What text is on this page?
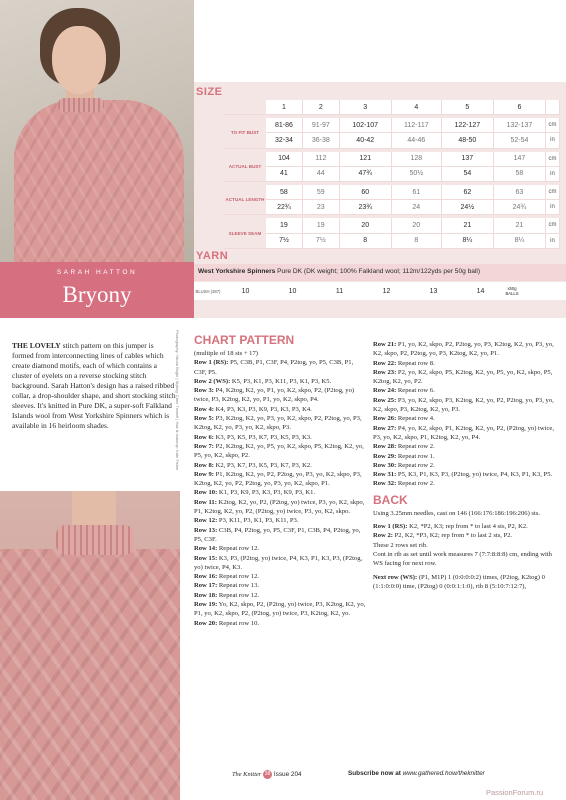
SARAH HATTON
Bryony
Photography: Nicola Bogie | Styling: Clare Trowell | Hair & makeup: Kate Fisher
SIZE
	1	2	3	4	5	6	

TO FIT BUST	81-86	91-97	102-107	112-117	122-127	132-137	cm
	32-34	36-38	40-42	44-46	48-50	52-54	in

ACTUAL BUST	104	112	121	128	137	147	cm
	41	44	47¾	50½	54	58	in

ACTUAL LENGTH	58	59	60	61	62	63	cm
	22¾	23	23¾	24	24½	24¾	in

SLEEVE SEAM	19	19	20	20	21	21	cm
	7½	7½	8	8	8¼	8¼	in
YARN
West Yorkshire Spinners Pure DK (DK weight; 100% Falkland wool; 112m/122yds per 50g ball)
BLUSH (287)	10	10	11	12	13	14	x50g BALLS
THE LOVELY stitch pattern on this jumper is formed from interconnecting lines of cables which create diamond motifs, each of which contains a cluster of eyelets on a reverse stocking stitch background. Sarah Hatton's design has a raised ribbed collar, a drop-shoulder shape, and short stocking stitch sleeves. It's knitted in Pure DK, a super-soft Falkland Islands wool from West Yorkshire Spinners which is available in 16 heirloom shades.
CHART PATTERN

(multiple of 18 sts + 17)

Row 1 (RS): P5, C3B, P1, C3F, P4, P2tog, yo, P5, C3B, P1, C3F, P5.

Row 2 (WS): K5, P3, K1, P3, K11, P3, K1, P3, K5.

Row 3: P4, K2tog, K2, yo, P1, yo, K2, skpo, P2, (P2tog, yo) twice, P3, K2tog, K2, yo, P1, yo, K2, skpo, P4.

Row 4: K4, P3, K3, P3, K9, P3, K3, P3, K4.

Row 5: P3, K2tog, K2, yo, P3, yo, K2, skpo, P2, P2tog, yo, P3, K2tog, K2, yo, P3, yo, K2, skpo, P3.

Row 6: K3, P3, K5, P3, K7, P3, K5, P3, K3.

Row 7: P2, K2tog, K2, yo, P5, yo, K2, skpo, P5, K2tog, K2, yo, P5, yo, K2, skpo, P2.

Row 8: K2, P3, K7, P3, K5, P3, K7, P3, K2.

Row 9: P1, K2tog, K2, yo, P2, P2tog, yo, P3, yo, K2, skpo, P3, K2tog, K2, yo, P2, P2tog, yo, P3, yo, K2, skpo, P1.

Row 10: K1, P3, K9, P3, K3, P3, K9, P3, K1.

Row 11: K2tog, K2, yo, P2, (P2tog, yo) twice, P3, yo, K2, skpo, P1, K2tog, K2, yo, P2, (P2tog, yo) twice, P3, yo, K2, skpo.

Row 12: P3, K11, P3, K1, P3, K11, P3.

Row 13: C3B, P4, P2tog, yo, P5, C3F, P1, C3B, P4, P2tog, yo, P5, C3F.

Row 14: Repeat row 12.

Row 15: K3, P3, (P2tog, yo) twice, P4, K3, P1, K3, P3, (P2tog, yo) twice, P4, K3.

Row 16: Repeat row 12.

Row 17: Repeat row 13.

Row 18: Repeat row 12.

Row 19: Yo, K2, skpo, P2, (P2tog, yo) twice, P3, K2tog, K2, yo, P1, yo, K2, skpo, P2, (P2tog, yo) twice, P3, K2tog, K2, yo.

Row 20: Repeat row 10.

Row 21: P1, yo, K2, skpo, P2, P2tog, yo, P3, K2tog, K2, yo, P3, yo, K2, skpo, P2, P2tog, yo, P3, K2tog, K2, yo, P1.

Row 22: Repeat row 8.

Row 23: P2, yo, K2, skpo, P5, K2tog, K2, yo, P5, yo, K2, skpo, P5, K2tog, K2, yo, P2.

Row 24: Repeat row 6.

Row 25: P3, yo, K2, skpo, P3, K2tog, K2, yo, P2, P2tog, yo, P3, yo, K2, skpo, P3, K2tog, K2, yo, P3.

Row 26: Repeat row 4.

Row 27: P4, yo, K2, skpo, P1, K2tog, K2, yo, P2, (P2tog, yo) twice, P3, yo, K2, skpo, P1, K2tog, K2, yo, P4.

Row 28: Repeat row 2.

Row 29: Repeat row 1.

Row 30: Repeat row 2.

Row 31: P5, K3, P1, K3, P3, (P2tog, yo) twice, P4, K3, P1, K3, P5.

Row 32: Repeat row 2.

BACK

Using 3.25mm needles, cast on 146 (166:176:186:196:206) sts.

Row 1 (RS): K2, *P2, K3; rep from * to last 4 sts, P2, K2.

Row 2: P2, K2, *P3, K2; rep from * to last 2 sts, P2.

These 2 rows set rib.

Cont in rib as set until work measures 7 (7:7:8:8:8) cm, ending with WS facing for next row.

Next row (WS): (P1, M1P) 1 (0:0:0:0:2) times, (P2tog, K2tog) 0 (1:1:0:0:0) time, (P2tog) 0 (0:0:1:1:0), rib 8 (5:10:7:12:7),

The Knitter 38 Issue 204	Subscribe now at www.gathered.how/theknitter
PassionForum.ru
